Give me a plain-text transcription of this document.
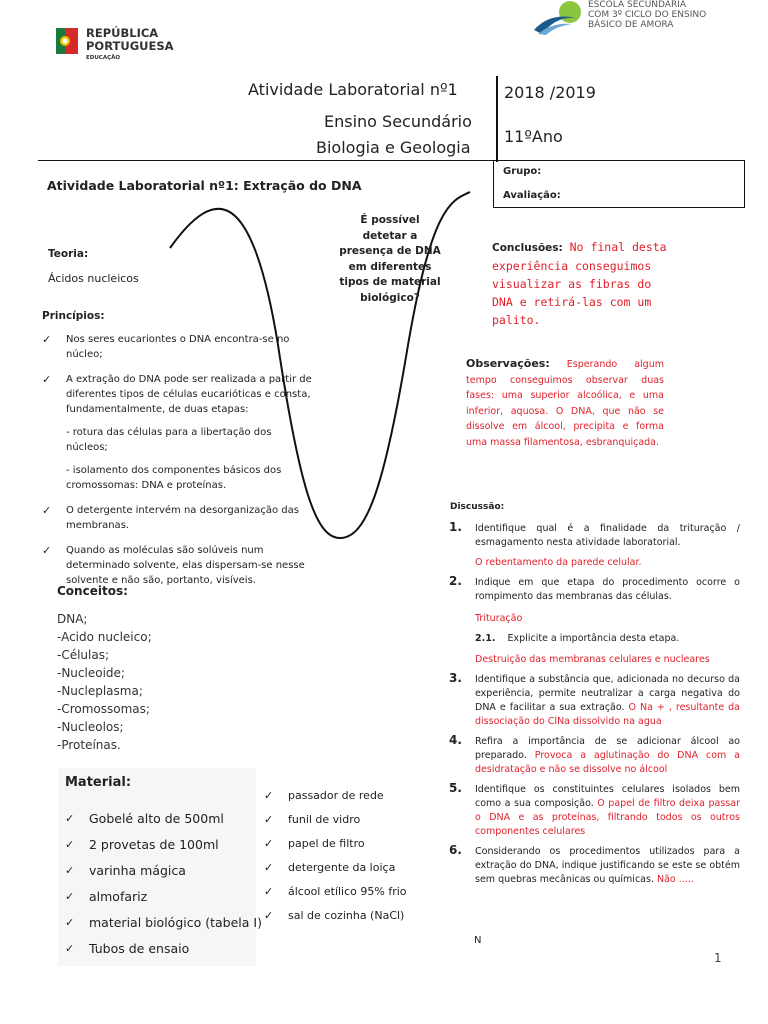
REPÚBLICA
PORTUGUESA
EDUCAÇÃO
ESCOLA SECUNDÁRIA
COM 3º CICLO DO ENSINO
BÁSICO DE AMORA
Atividade Laboratorial nº1
Ensino Secundário
Biologia e Geologia
2018 /2019
11ºAno
Grupo:
Avaliação:
Atividade Laboratorial nº1: Extração do DNA
É possível detetar a presença de DNA em diferentes tipos de material biológico?
Teoria:
Ácidos nucleicos
Princípios:
✓ Nos seres eucariontes o DNA encontra-se no núcleo;
✓ A extração do DNA pode ser realizada a partir de diferentes tipos de células eucarióticas e consta, fundamentalmente, de duas etapas:
- rotura das células para a libertação dos núcleos;
- isolamento dos componentes básicos dos cromossomas: DNA e proteínas.
✓ O detergente intervém na desorganização das membranas.
✓ Quando as moléculas são solúveis num determinado solvente, elas dispersam-se nesse solvente e não são, portanto, visíveis.
Conceitos:
DNA;
-Acido nucleico;
-Células;
-Nucleoide;
-Nucleplasma;
-Cromossomas;
-Nucleolos;
-Proteínas.
Material:
✓ Gobelé alto de 500ml
✓ 2 provetas de 100ml
✓ varinha mágica
✓ almofariz
✓ material biológico (tabela I)
✓ Tubos de ensaio
✓ passador de rede
✓ funil de vidro
✓ papel de filtro
✓ detergente da loiça
✓ álcool etílico 95% frio
✓ sal de cozinha (NaCl)
Conclusões: No final desta experiência conseguimos visualizar as fibras do DNA e retirá-las com um palito.
Observações: Esperando algum tempo conseguimos observar duas fases: uma superior alcoólica, e uma inferior, aquosa. O DNA, que não se dissolve em álcool, precipita e forma uma massa filamentosa, esbranquiçada.
Discussão:
1. Identifique qual é a finalidade da trituração / esmagamento nesta atividade laboratorial.
O rebentamento da parede celular.
2. Indique em que etapa do procedimento ocorre o rompimento das membranas das células.
Trituração
2.1. Explicite a importância desta etapa.
Destruição das membranas celulares e nucleares
3. Identifique a substância que, adicionada no decurso da experiência, permite neutralizar a carga negativa do DNA e facilitar a sua extração. O Na + , resultante da dissociação do ClNa dissolvido na agua
4. Refira a importância de se adicionar álcool ao preparado. Provoca a aglutinação do DNA com a desidratação e não se dissolve no álcool
5. Identifique os constituintes celulares isolados bem como a sua composição. O papel de filtro deixa passar o DNA e as proteínas, filtrando todos os outros componentes celulares
6. Considerando os procedimentos utilizados para a extração do DNA, indique justificando se este se obtém sem quebras mecânicas ou químicas. Não .....
N
1
